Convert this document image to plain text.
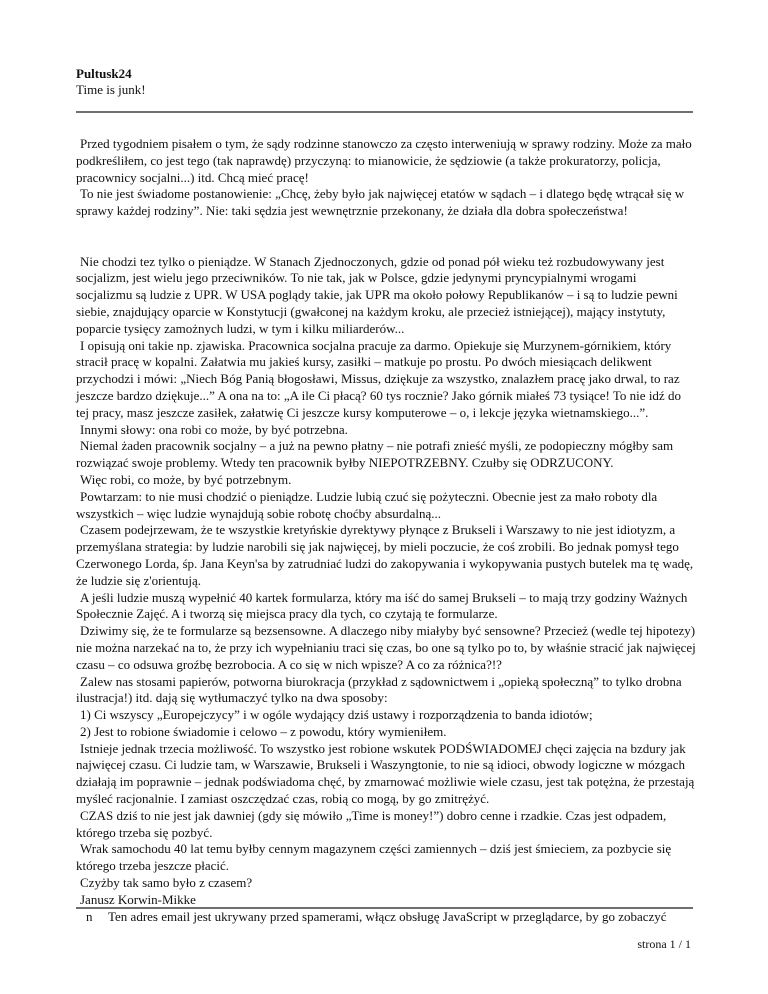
Pultusk24
Time is junk!

Przed tygodniem pisałem o tym, że sądy rodzinne stanowczo za często interweniują w sprawy rodziny. Może za mało podkreśliłem, co jest tego (tak naprawdę) przyczyną: to mianowicie, że sędziowie (a także prokuratorzy, policja, pracownicy socjalni...) itd. Chcą mieć pracę!

To nie jest świadome postanowienie: „Chcę, żeby było jak najwięcej etatów w sądach – i dlatego będę wtrącał się w sprawy każdej rodziny”. Nie: taki sędzia jest wewnętrznie przekonany, że działa dla dobra społeczeństwa!

Nie chodzi tez tylko o pieniądze. W Stanach Zjednoczonych, gdzie od ponad pół wieku też rozbudowywany jest socjalizm, jest wielu jego przeciwników. To nie tak, jak w Polsce, gdzie jedynymi pryncypialnymi wrogami socjalizmu są ludzie z UPR. W USA poglądy takie, jak UPR ma około połowy Republikanów – i są to ludzie pewni siebie, znajdujący oparcie w Konstytucji (gwałconej na każdym kroku, ale przecież istniejącej), mający instytuty, poparcie tysięcy zamożnych ludzi, w tym i kilku miliarderów...

I opisują oni takie np. zjawiska. Pracownica socjalna pracuje za darmo. Opiekuje się Murzynem-górnikiem, który stracił pracę w kopalni. Załatwia mu jakieś kursy, zasiłki – matkuje po prostu. Po dwóch miesiącach delikwent przychodzi i mówi: „Niech Bóg Panią błogosławi, Missus, dziękuje za wszystko, znalazłem pracę jako drwal, to raz jeszcze bardzo dziękuje...” A ona na to: „A ile Ci płacą? 60 tys rocznie? Jako górnik miałeś 73 tysiące! To nie idź do tej pracy, masz jeszcze zasiłek, załatwię Ci jeszcze kursy komputerowe – o, i lekcje języka wietnamskiego...”.

Innymi słowy: ona robi co może, by być potrzebna.

Niemal żaden pracownik socjalny – a już na pewno płatny – nie potrafi znieść myśli, ze podopieczny mógłby sam rozwiązać swoje problemy. Wtedy ten pracownik byłby NIEPOTRZEBNY. Czułby się ODRZUCONY.

Więc robi, co może, by być potrzebnym.

Powtarzam: to nie musi chodzić o pieniądze. Ludzie lubią czuć się pożyteczni. Obecnie jest za mało roboty dla wszystkich – więc ludzie wynajdują sobie robotę choćby absurdalną...

Czasem podejrzewam, że te wszystkie kretyńskie dyrektywy płynące z Brukseli i Warszawy to nie jest idiotyzm, a przemyślana strategia: by ludzie narobili się jak najwięcej, by mieli poczucie, że coś zrobili. Bo jednak pomysł tego Czerwonego Lorda, śp. Jana Keyn'sa by zatrudniać ludzi do zakopywania i wykopywania pustych butelek ma tę wadę, że ludzie się z'orientują.

A jeśli ludzie muszą wypełnić 40 kartek formularza, który ma iść do samej Brukseli – to mają trzy godziny Ważnych Społecznie Zajęć. A i tworzą się miejsca pracy dla tych, co czytają te formularze.

Dziwimy się, że te formularze są bezsensowne. A dlaczego niby miałyby być sensowne? Przecież (wedle tej hipotezy) nie można narzekać na to, że przy ich wypełnianiu traci się czas, bo one są tylko po to, by właśnie stracić jak najwięcej czasu – co odsuwa groźbę bezrobocia. A co się w nich wpisze? A co za różnica?!?

Zalew nas stosami papierów, potworna biurokracja (przykład z sądownictwem i „opieką społeczną” to tylko drobna ilustracja!) itd. dają się wytłumaczyć tylko na dwa sposoby:

1) Ci wszyscy „Europejczycy” i w ogóle wydający dziś ustawy i rozporządzenia to banda idiotów;

2) Jest to robione świadomie i celowo – z powodu, który wymieniłem.

Istnieje jednak trzecia możliwość. To wszystko jest robione wskutek PODŚWIADOMEJ chęci zajęcia na bzdury jak najwięcej czasu. Ci ludzie tam, w Warszawie, Brukseli i Waszyngtonie, to nie są idioci, obwody logiczne w mózgach działają im poprawnie – jednak podświadoma chęć, by zmarnować możliwie wiele czasu, jest tak potężna, że przestają myśleć racjonalnie. I zamiast oszczędzać czas, robią co mogą, by go zmitrężyć.

CZAS dziś to nie jest jak dawniej (gdy się mówiło „Time is money!”) dobro cenne i rzadkie. Czas jest odpadem, którego trzeba się pozbyć.

Wrak samochodu 40 lat temu byłby cennym magazynem części zamiennych – dziś jest śmieciem, za pozbycie się którego trzeba jeszcze płacić.

Czyżby tak samo było z czasem?

Janusz Korwin-Mikke

n Ten adres email jest ukrywany przed spamerami, włącz obsługę JavaScript w przeglądarce, by go zobaczyć

strona 1 / 1
